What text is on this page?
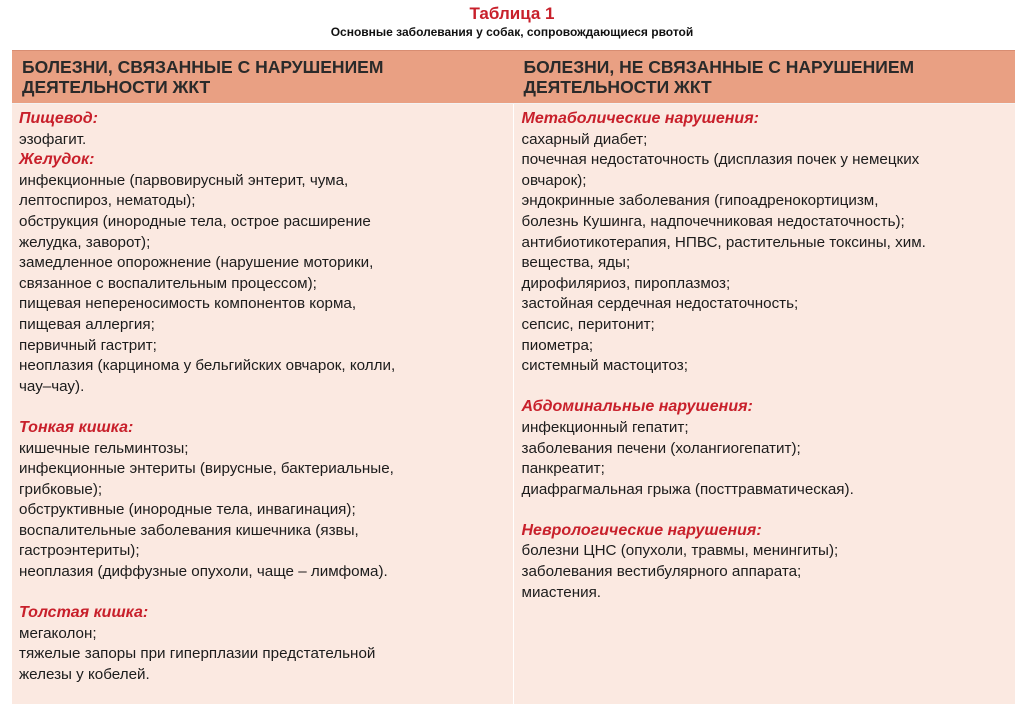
Таблица 1
Основные заболевания у собак, сопровождающиеся рвотой
БОЛЕЗНИ, СВЯЗАННЫЕ С НАРУШЕНИЕМ
ДЕЯТЕЛЬНОСТИ ЖКТ
БОЛЕЗНИ, НЕ СВЯЗАННЫЕ С НАРУШЕНИЕМ
ДЕЯТЕЛЬНОСТИ ЖКТ
Пищевод:
эзофагит.
Желудок:
инфекционные (парвовирусный энтерит, чума,
лептоспироз, нематоды);
обструкция (инородные тела, острое расширение
желудка, заворот);
замедленное опорожнение (нарушение моторики,
связанное с воспалительным процессом);
пищевая непереносимость компонентов корма,
пищевая аллергия;
первичный гастрит;
неоплазия (карцинома у бельгийских овчарок, колли,
чау–чау).
Тонкая кишка:
кишечные гельминтозы;
инфекционные энтериты (вирусные, бактериальные,
грибковые);
обструктивные (инородные тела, инвагинация);
воспалительные заболевания кишечника (язвы,
гастроэнтериты);
неоплазия (диффузные опухоли, чаще – лимфома).
Толстая кишка:
мегаколон;
тяжелые запоры при гиперплазии предстательной
железы у кобелей.
Метаболические нарушения:
сахарный диабет;
почечная недостаточность (дисплазия почек у немецких
овчарок);
эндокринные заболевания (гипоадренокортицизм,
болезнь Кушинга, надпочечниковая недостаточность);
антибиотикотерапия, НПВС, растительные токсины, хим.
вещества, яды;
дирофиляриоз, пироплазмоз;
застойная сердечная недостаточность;
сепсис, перитонит;
пиометра;
системный мастоцитоз;
Абдоминальные нарушения:
инфекционный гепатит;
заболевания печени (холангиогепатит);
панкреатит;
диафрагмальная грыжа (посттравматическая).
Неврологические нарушения:
болезни ЦНС (опухоли, травмы, менингиты);
заболевания вестибулярного аппарата;
миастения.
